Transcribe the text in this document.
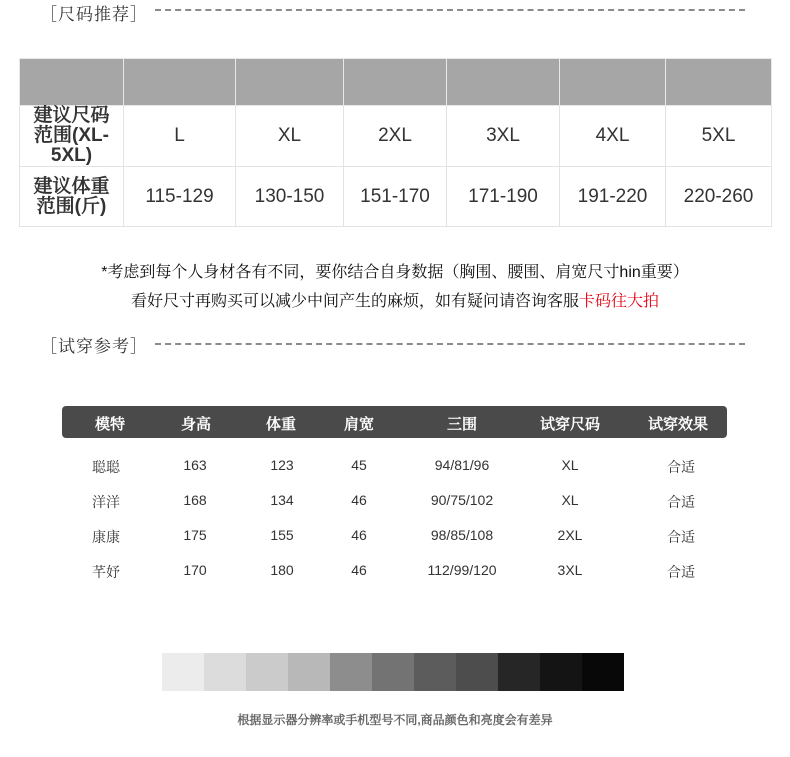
［尺码推荐］

建议尺码
范围(XL-5XL)	L	XL	2XL	3XL	4XL	5XL

建议体重
范围(斤)	115-129	130-150	151-170	171-190	191-220	220-260
*考虑到每个人身材各有不同，要你结合自身数据（胸围、腰围、肩宽尺寸hin重要）
看好尺寸再购买可以减少中间产生的麻烦，如有疑问请咨询客服卡码往大拍
［试穿参考］
模特	身高	体重	肩宽	三围	试穿尺码	试穿效果
聪聪	163	123	45	94/81/96	XL	合适
洋洋	168	134	46	90/75/102	XL	合适
康康	175	155	46	98/85/108	2XL	合适
芊妤	170	180	46	112/99/120	3XL	合适
根据显示器分辨率或手机型号不同,商品颜色和亮度会有差异
